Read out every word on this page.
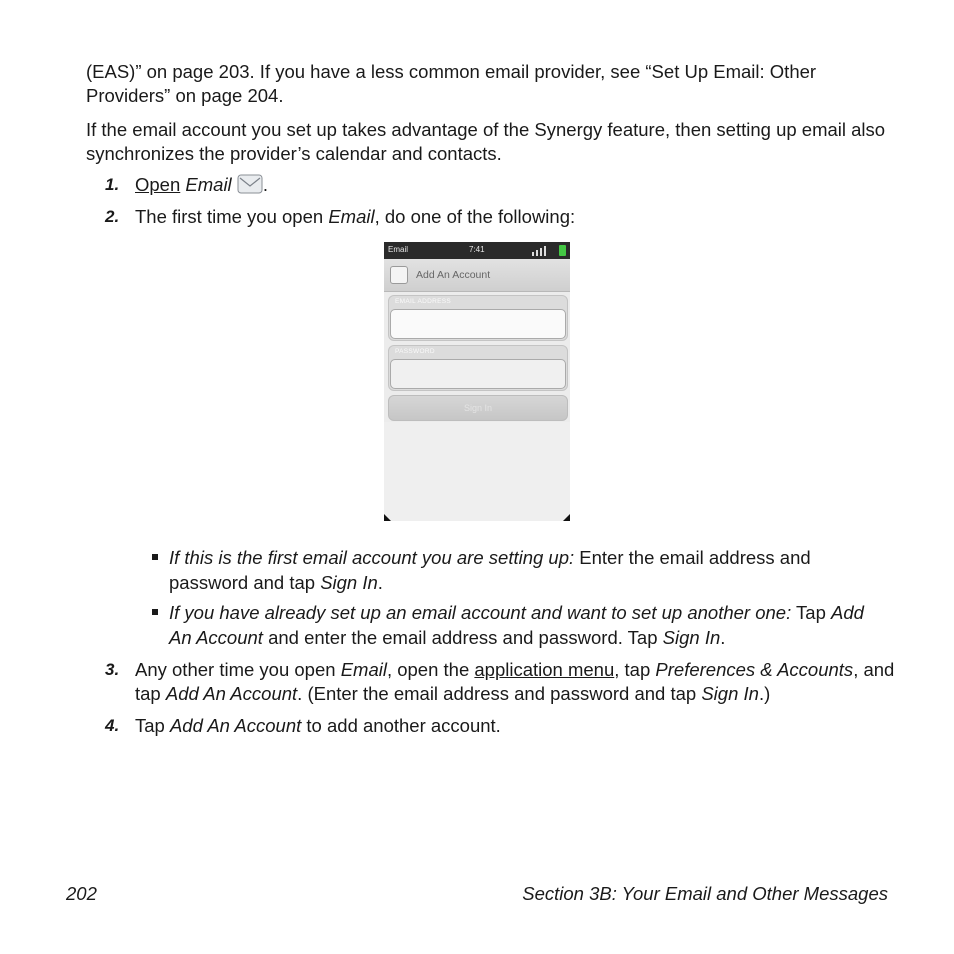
(EAS)” on page 203. If you have a less common email provider, see “Set Up Email: Other Providers” on page 204.

If the email account you set up takes advantage of the Synergy feature, then setting up email also synchronizes the provider’s calendar and contacts.

1. Open Email .
2. The first time you open Email, do one of the following:
Email	7:41
Add An Account
EMAIL ADDRESS
PASSWORD
Sign In
If this is the first email account you are setting up: Enter the email address and password and tap Sign In.
If you have already set up an email account and want to set up another one: Tap Add An Account and enter the email address and password. Tap Sign In.
3. Any other time you open Email, open the application menu, tap Preferences & Accounts, and tap Add An Account. (Enter the email address and password and tap Sign In.)
4. Tap Add An Account to add another account.
202	Section 3B: Your Email and Other Messages
